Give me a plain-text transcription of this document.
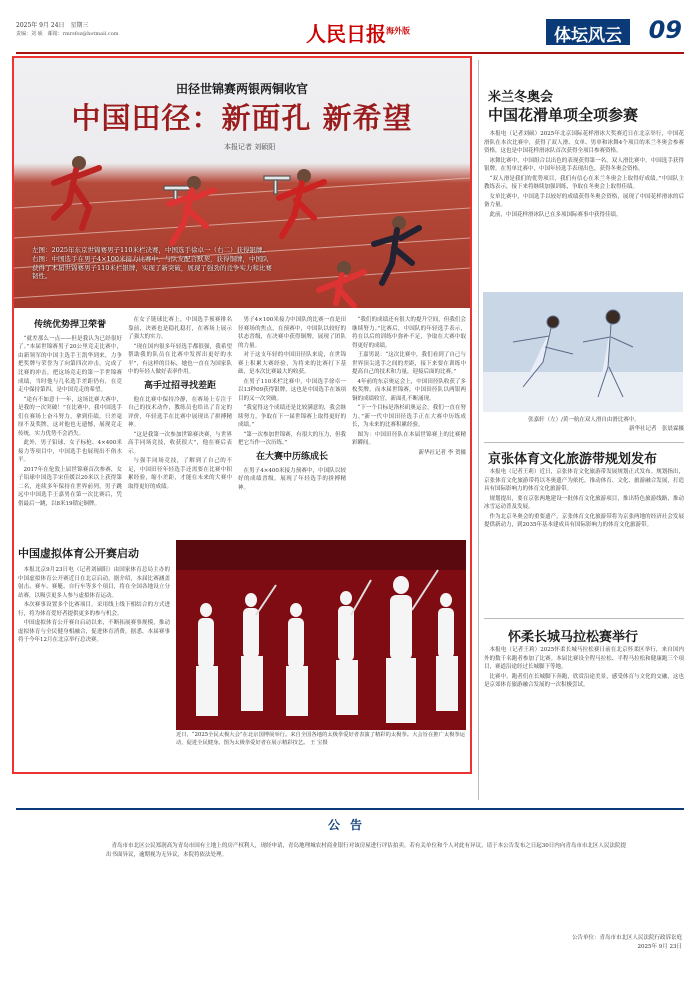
2025年 9月 24日　星期三
责编：刘 硕　邮箱：rmrsfoz@hotmail.com	人民日报$^{海外版}$	体坛风云	09
田径世锦赛两银两铜收官
中国田径：新面孔 新希望
本报记者 刘硕阳
左图：2025年东京世锦赛男子110米栏决赛，中国选手徐卓一（右二）获得银牌。右图：中国选手在男子4×100米接力比赛中，与队友配合默契，获得铜牌，中国队获得了本届世锦赛男子110米栏银牌，实现了新突破，展现了强劲的竞争实力和比赛韧性。
传统优势捍卫荣誉

“就差那么一点——但是我认为已经很好了。”本届世锦赛男子20公里竞走比赛中，由新领军的中国主选手王凯华到来，力争把奖牌与荣誉为了向第四次冲击，完成了比赛的冲击，把这场竞走的第一手世锦赛成绩，当时他与几名选手差距仍有，在竞走中保持第四，是中国竞走的希望。

“途有不如意十一年，这场比赛大赛中，是我的一次突破！”在比赛中，我中国选手们在赛场上奋斗努力，拿到佳绩。只差毫厘不及奖牌，这对他也无遗憾，展现竞走传统，实力优势不会消失。

此外，男子铅球、女子标枪、4×400米接力等项目中，中国选手也展现出不俗水平。

2017年在伦敦上届世锦赛首次参赛，女子铅球中国选手宋佳媛以20米以上获得第二名，连续多年保持在世界前列，男子跳远中中国选手王嘉男在第一次比赛后，凭借最后一跳，以8米19锁定铜牌。

在女子链球比赛上，中国选手预赛排名靠前，决赛也是稳扎稳打，在赛场上展示了强大的实力。

“现在国内很多年轻选手都很强，我希望帮助我的队员在比赛中发挥出更好的水平”，有这样的目标，她也一直在为国家队中的年轻人做好表率作用。

高手过招寻找差距

他在比赛中保持冷静，在赛场上专注于自己的技术动作，教练员也给出了肯定的评价，年轻选手在比赛中展现出了拼搏精神。

“这是我第一次参加世锦赛决赛，与世界高手同场竞技，收获很大”，他在赛后表示。

与强手同场竞技，了解到了自己的不足，中国田径年轻选手还需要在比赛中积累经验，缩小差距，才能在未来的大赛中取得更好的成绩。

男子4×100米接力中国队的比赛一直是田径赛场的焦点，在预赛中，中国队以较好的状态晋级，在决赛中获得铜牌，展现了团队的力量。

对于这支年轻的中国田径队来说，在世锦赛上积累大赛经验，为将来的比赛打下基础，是本次比赛最大的收获。

在男子110米栏比赛中，中国选手徐卓一以13秒09获得银牌，这也是中国选手在该项目的又一次突破。

“我觉得这个成绩还是比较满意的，我会继续努力，争取在下一届世锦赛上取得更好的成绩。”

“第一次参加世锦赛，有很大的压力，但我把它当作一次历练。”

在大赛中历练成长

在男子4×400米接力预赛中，中国队以较好的成绩晋级，展现了年轻选手的拼搏精神。

“我们的成绩还有很大的提升空间，但我们会继续努力。”比赛后，中国队的年轻选手表示，将在以后的训练中弥补不足，争取在大赛中取得更好的成绩。

王嘉男说：“这次比赛中，我们看到了自己与世界顶尖选手之间的差距，接下来要在训练中提高自己的技术和力量，迎接后面的比赛。”

4年前的东京奥运会上，中国田径队收获了多枚奖牌，而本届世锦赛，中国田径队以两银两铜的成绩收官，新面孔不断涌现。

“下一个目标是洛杉矶奥运会，我们一直在努力。”新一代中国田径选手正在大赛中历练成长，为未来的比赛积累经验。

图为：中国田径队在本届世锦赛上的比赛精彩瞬间。

新华社记者 李 贺摄

中国虚拟体育公开赛启动

本报北京9月23日电（记者刘硕阳）由国家体育总局主办的中国虚拟体育公开赛近日在北京启动。据介绍，本届比赛涵盖射击、赛车、赛艇、自行车等多个项目，将在全国各地设立分站赛，以吸引更多人参与虚拟体育运动。

本次赛事设置多个比赛项目，采用线上线下相结合的方式进行，将为体育爱好者提供更多的参与机会。

中国虚拟体育公开赛自启动以来，不断拓展赛事规模，推动虚拟体育与全民健身相融合，促进体育消费。据悉，本届赛事将于今年12月在北京举行总决赛。

近日，“2025全民太极大会”在北京国博展举行。来自全国各地的太极拳爱好者表演了精彩的太极拳。大会旨在推广太极拳运动，促进全民健身。图为太极拳爱好者在展示精彩技艺。 王 宝摄
米兰冬奥会
中国花滑单项全项参赛

本报电（记者刘硕）2025年北京国际花样滑冰大奖赛近日在北京举行，中国花滑队在本次比赛中，获得了双人滑、女单、男单和冰舞4个项目的米兰冬奥会参赛资格，这也是中国花样滑冰队首次获得全项目参赛资格。

冰舞比赛中，中国组合以出色的表现获得第一名。双人滑比赛中，中国选手获得银牌。在男单比赛中，中国年轻选手表现出色，获得冬奥会资格。

“双人滑是我们的优势项目，我们有信心在米兰冬奥会上取得好成绩。”中国队主教练表示，接下来将继续加强训练，争取在冬奥会上取得佳绩。

女单比赛中，中国选手以较好的成绩获得冬奥会资格，展现了中国花样滑冰的后备力量。

此前，中国花样滑冰队已在多项国际赛事中获得佳绩。

张嘉轩（左）/黄一航在双人滑自由滑比赛中。
新华社记者　张晨霖摄
京张体育文化旅游带规划发布

本报电（记者王莉）近日，京张体育文化旅游带发展规划正式发布。规划指出，京张体育文化旅游带将以冬奥遗产为依托，推动体育、文化、旅游融合发展，打造具有国际影响力的体育文化旅游带。

规划提出，要在京张两地建设一批体育文化旅游项目，推出特色旅游线路，推动冰雪运动普及发展。

作为北京冬奥会的重要遗产，京张体育文化旅游带将为京张两地的经济社会发展提供新动力，到2035年基本建成具有国际影响力的体育文化旅游带。

怀柔长城马拉松赛举行

本报电（记者王莉）2025怀柔长城马拉松赛日前在北京怀柔区举行，来自国内外的数千名跑者参加了比赛。本届比赛设全程马拉松、半程马拉松和健康跑三个项目，赛道沿途经过长城脚下等地。

比赛中，跑者们在长城脚下奔跑，欣赏沿途美景，感受体育与文化的交融，这也是京郊体育旅游融合发展的一次积极尝试。

公告

青岛市市北区公民郑润高为青岛市国有土地上的房产权利人，现经申请，青岛地理城农村商业银行对该房屋进行评估拍卖。若有关单位和个人对此有异议，请于本公告发布之日起30日内向青岛市市北区人民法院提出书面异议，逾期视为无异议，本院将依法处理。

公告单位：青岛市市北区人民法院行政诉讼庭
2025年 9月 23日
